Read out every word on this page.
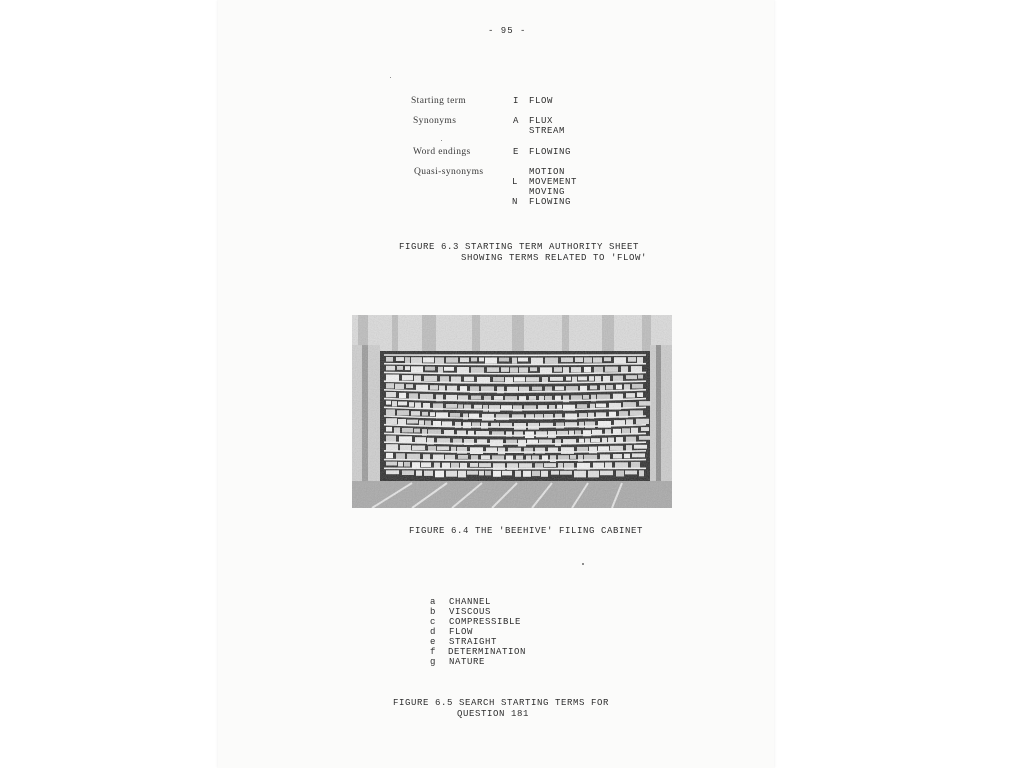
- 95 -
Starting term	I FLOW
Synonyms	A FLUX
STREAM
Word endings	E FLOWING
Quasi-synonyms	MOTION
L MOVEMENT
MOVING
N FLOWING
FIGURE 6.3 STARTING TERM AUTHORITY SHEET
SHOWING TERMS RELATED TO 'FLOW'
FIGURE 6.4 THE 'BEEHIVE' FILING CABINET
a CHANNEL
b VISCOUS
c COMPRESSIBLE
d FLOW
e STRAIGHT
f DETERMINATION
g NATURE
FIGURE 6.5 SEARCH STARTING TERMS FOR
QUESTION 181
